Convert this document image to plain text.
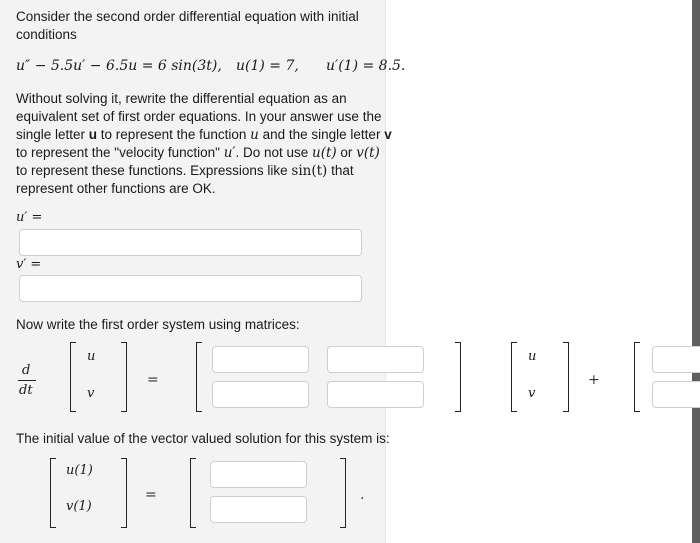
Consider the second order differential equation with initial
conditions
u″ − 5.5u′ − 6.5u = 6 sin(3t), u(1) = 7, u′(1) = 8.5.
Without solving it, rewrite the differential equation as an
equivalent set of first order equations. In your answer use the
single letter u to represent the function u and the single letter v
to represent the "velocity function" u′. Do not use u(t) or v(t)
to represent these functions. Expressions like sin(t) that
represent other functions are OK.
u′ =
v′ =
Now write the first order system using matrices:
d
dt
u
v
=
u
v
+
The initial value of the vector valued solution for this system is:
u(1)
v(1)
=	.
